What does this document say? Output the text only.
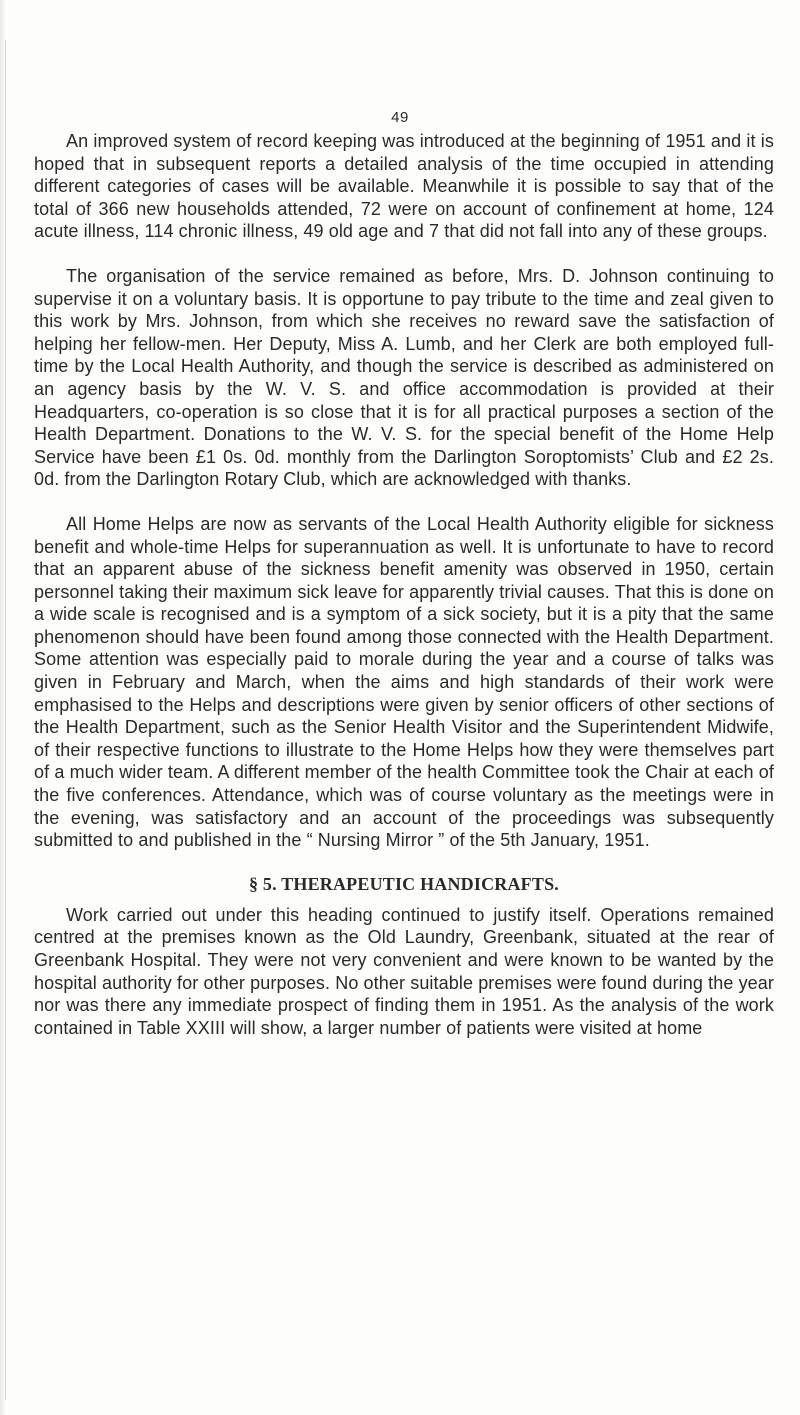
49

An improved system of record keeping was introduced at the beginning of 1951 and it is hoped that in subsequent reports a detailed analysis of the time occupied in attending different categories of cases will be available. Meanwhile it is possible to say that of the total of 366 new households attended, 72 were on account of confinement at home, 124 acute illness, 114 chronic illness, 49 old age and 7 that did not fall into any of these groups.

The organisation of the service remained as before, Mrs. D. Johnson continuing to supervise it on a voluntary basis. It is opportune to pay tribute to the time and zeal given to this work by Mrs. Johnson, from which she receives no reward save the satisfaction of helping her fellow-men. Her Deputy, Miss A. Lumb, and her Clerk are both employed full-time by the Local Health Authority, and though the service is described as administered on an agency basis by the W. V. S. and office accommodation is provided at their Headquarters, co-operation is so close that it is for all practical purposes a section of the Health Department. Donations to the W. V. S. for the special benefit of the Home Help Service have been £1 0s. 0d. monthly from the Darlington Soroptomists’ Club and £2 2s. 0d. from the Darlington Rotary Club, which are acknowledged with thanks.

All Home Helps are now as servants of the Local Health Authority eligible for sickness benefit and whole-time Helps for superannuation as well. It is unfortunate to have to record that an apparent abuse of the sickness benefit amenity was observed in 1950, certain personnel taking their maximum sick leave for apparently trivial causes. That this is done on a wide scale is recognised and is a symptom of a sick society, but it is a pity that the same phenomenon should have been found among those connected with the Health Department. Some attention was especially paid to morale during the year and a course of talks was given in February and March, when the aims and high standards of their work were emphasised to the Helps and descriptions were given by senior officers of other sections of the Health Department, such as the Senior Health Visitor and the Superintendent Midwife, of their respective functions to illustrate to the Home Helps how they were themselves part of a much wider team. A different member of the health Committee took the Chair at each of the five conferences. Attendance, which was of course voluntary as the meetings were in the evening, was satisfactory and an account of the proceedings was subsequently submitted to and published in the “ Nursing Mirror ” of the 5th January, 1951.

§ 5. THERAPEUTIC HANDICRAFTS.

Work carried out under this heading continued to justify itself. Operations remained centred at the premises known as the Old Laundry, Greenbank, situated at the rear of Greenbank Hospital. They were not very convenient and were known to be wanted by the hospital authority for other purposes. No other suitable premises were found during the year nor was there any immediate prospect of finding them in 1951. As the analysis of the work contained in Table XXIII will show, a larger number of patients were visited at home
